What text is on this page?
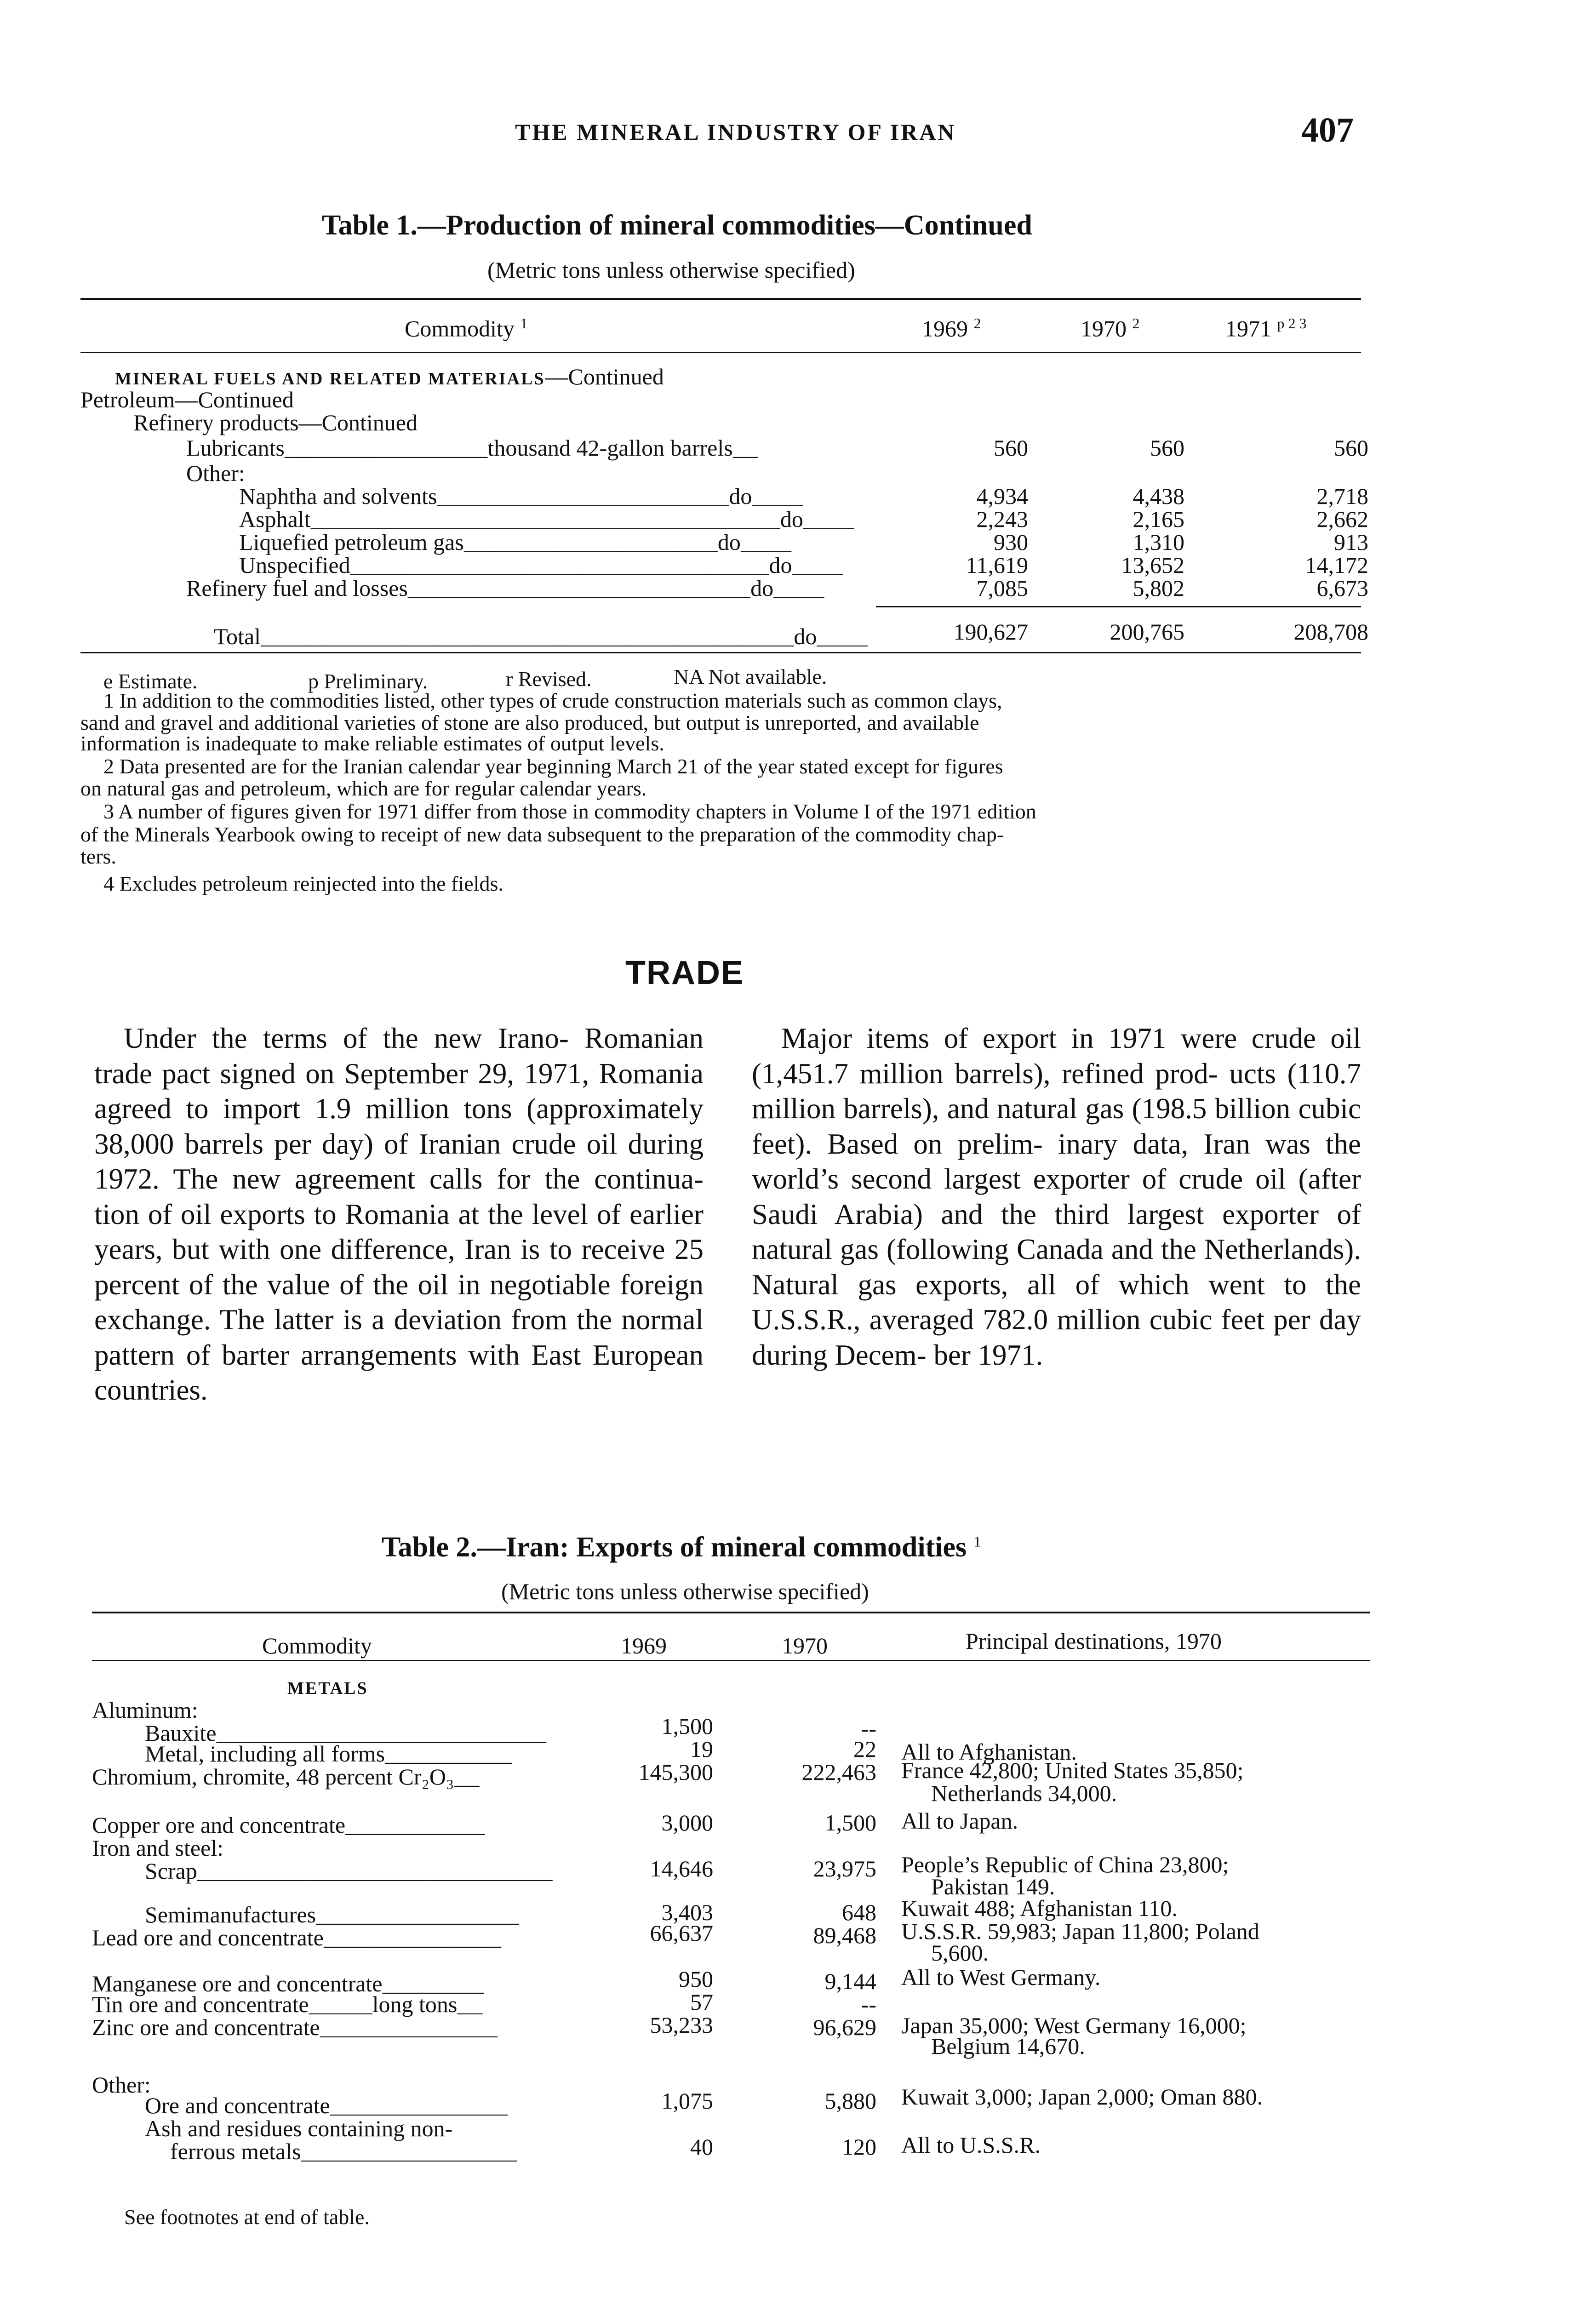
THE MINERAL INDUSTRY OF IRAN	407
Table 1.—Production of mineral commodities—Continued
(Metric tons unless otherwise specified)
Commodity $^1$	1969 $^2$	1970 $^2$	1971 $^{p 2 3}$
MINERAL FUELS AND RELATED MATERIALS—Continued
Petroleum—Continued
Refinery products—Continued
Lubricants________________thousand 42-gallon barrels__	560	560	560
Other:
Naphtha and solvents_______________________do____	4,934	4,438	2,718
Asphalt_____________________________________do____	2,243	2,165	2,662
Liquefied petroleum gas____________________do____	930	1,310	913
Unspecified_________________________________do____	11,619	13,652	14,172
Refinery fuel and losses___________________________do____	7,085	5,802	6,673
Total__________________________________________do____	190,627	200,765	208,708
e Estimate.	p Preliminary.	r Revised.	NA Not available.
1 In addition to the commodities listed, other types of crude construction materials such as common clays,
sand and gravel and additional varieties of stone are also produced, but output is unreported, and available
information is inadequate to make reliable estimates of output levels.
2 Data presented are for the Iranian calendar year beginning March 21 of the year stated except for figures
on natural gas and petroleum, which are for regular calendar years.
3 A number of figures given for 1971 differ from those in commodity chapters in Volume I of the 1971 edition
of the Minerals Yearbook owing to receipt of new data subsequent to the preparation of the commodity chap-
ters.
4 Excludes petroleum reinjected into the fields.
TRADE

Under the terms of the new Irano- Romanian trade pact signed on September 29, 1971, Romania agreed to import 1.9 million tons (approximately 38,000 barrels per day) of Iranian crude oil during 1972. The new agreement calls for the continua- tion of oil exports to Romania at the level of earlier years, but with one difference, Iran is to receive 25 percent of the value of the oil in negotiable foreign exchange. The latter is a deviation from the normal pattern of barter arrangements with East European countries.

Major items of export in 1971 were crude oil (1,451.7 million barrels), refined prod- ucts (110.7 million barrels), and natural gas (198.5 billion cubic feet). Based on prelim- inary data, Iran was the world’s second largest exporter of crude oil (after Saudi Arabia) and the third largest exporter of natural gas (following Canada and the Netherlands). Natural gas exports, all of which went to the U.S.S.R., averaged 782.0 million cubic feet per day during Decem- ber 1971.

Table 2.—Iran: Exports of mineral commodities $^1$
(Metric tons unless otherwise specified)
Commodity	1969	1970	Principal destinations, 1970
METALS
Aluminum:
Bauxite__________________________	1,500	--
Metal, including all forms__________	19	22 All to Afghanistan.
Chromium, chromite, 48 percent Cr₂O₃__	145,300	222,463 France 42,800; United States 35,850;
Netherlands 34,000.
Copper ore and concentrate___________	3,000	1,500 All to Japan.
Iron and steel:
Scrap____________________________	14,646	23,975 People’s Republic of China 23,800;
Pakistan 149.
Semimanufactures________________	3,403	648 Kuwait 488; Afghanistan 110.
Lead ore and concentrate______________	66,637	89,468 U.S.S.R. 59,983; Japan 11,800; Poland
5,600.
Manganese ore and concentrate________	950	9,144 All to West Germany.
Tin ore and concentrate_____long tons__	57	--
Zinc ore and concentrate______________	53,233	96,629 Japan 35,000; West Germany 16,000;
Belgium 14,670.
Other:
Ore and concentrate______________	1,075	5,880 Kuwait 3,000; Japan 2,000; Oman 880.
Ash and residues containing non-
ferrous metals_________________	40	120 All to U.S.S.R.
See footnotes at end of table.
